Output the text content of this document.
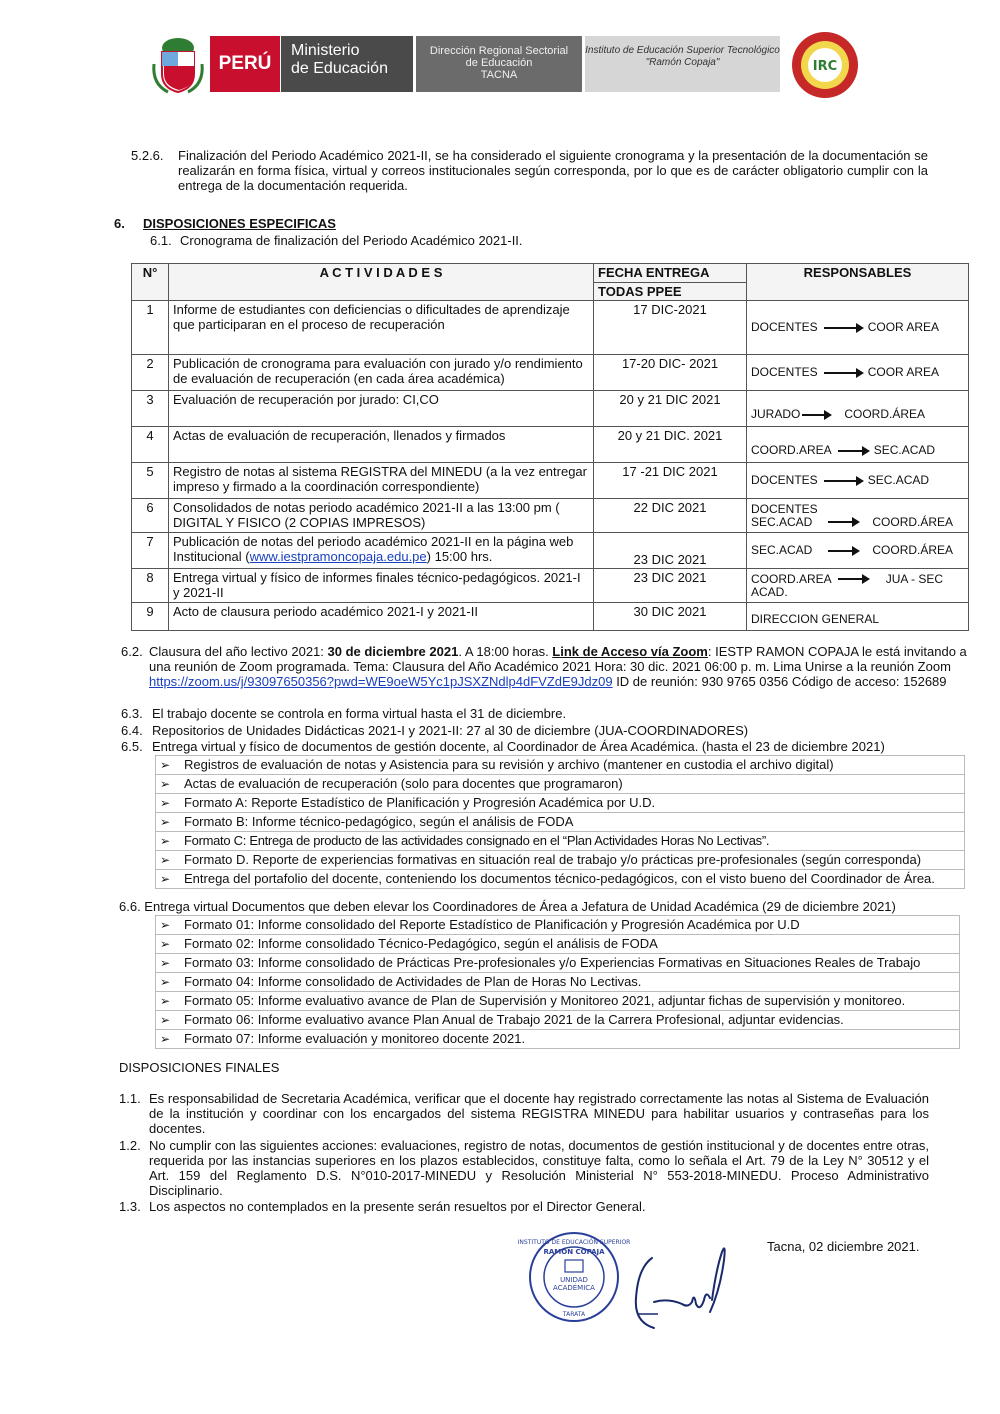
PERÚ
Ministerio
de Educación
Dirección Regional Sectorial
de Educación
TACNA
Instituto de Educación Superior Tecnológico
"Ramón Copaja"	IRC
5.2.6. Finalización del Periodo Académico 2021-II, se ha considerado el siguiente cronograma y la presentación de la documentación se realizarán en forma física, virtual y correos institucionales según corresponda, por lo que es de carácter obligatorio cumplir con la entrega de la documentación requerida.
6. DISPOSICIONES ESPECIFICAS
6.1. Cronograma de finalización del Periodo Académico 2021-II.
N°	A C T I V I D A D E S	FECHA ENTREGA	RESPONSABLES
		TODAS PPEE	
1	Informe de estudiantes con deficiencias o dificultades de aprendizaje que participaran en el proceso de recuperación	17 DIC-2021	DOCENTES COOR AREA

2	Publicación de cronograma para evaluación con jurado y/o rendimiento de evaluación de recuperación (en cada área académica)	17-20 DIC- 2021	DOCENTES COOR AREA

3	Evaluación de recuperación por jurado: CI,CO	20 y 21 DIC 2021	JURADO COORD.ÁREA

4	Actas de evaluación de recuperación, llenados y firmados	20 y 21 DIC. 2021	COORD.AREA SEC.ACAD

5	Registro de notas al sistema REGISTRA del MINEDU (a la vez entregar impreso y firmado a la coordinación correspondiente)	17 -21 DIC 2021	DOCENTES SEC.ACAD

6	Consolidados de notas periodo académico 2021-II a las 13:00 pm ( DIGITAL Y FISICO (2 COPIAS IMPRESOS)	22 DIC 2021	DOCENTES
SEC.ACAD COORD.ÁREA

7	Publicación de notas del periodo académico 2021-II en la página web Institucional (www.iestpramoncopaja.edu.pe) 15:00 hrs.	23 DIC 2021	SEC.ACAD COORD.ÁREA

8	Entrega virtual y físico de informes finales técnico-pedagógicos. 2021-I y 2021-II	23 DIC 2021	COORD.AREA JUA - SEC
ACAD.

9	Acto de clausura periodo académico 2021-I y 2021-II	30 DIC 2021	DIRECCION GENERAL
6.2. Clausura del año lectivo 2021: 30 de diciembre 2021. A 18:00 horas. Link de Acceso vía Zoom: IESTP RAMON COPAJA le está invitando a una reunión de Zoom programada. Tema: Clausura del Año Académico 2021 Hora: 30 dic. 2021 06:00 p. m. Lima Unirse a la reunión Zoom https://zoom.us/j/93097650356?pwd=WE9oeW5Yc1pJSXZNdlp4dFVZdE9Jdz09 ID de reunión: 930 9765 0356 Código de acceso: 152689
6.3. El trabajo docente se controla en forma virtual hasta el 31 de diciembre.
6.4. Repositorios de Unidades Didácticas 2021-I y 2021-II: 27 al 30 de diciembre (JUA-COORDINADORES)
6.5. Entrega virtual y físico de documentos de gestión docente, al Coordinador de Área Académica. (hasta el 23 de diciembre 2021)
➢ Registros de evaluación de notas y Asistencia para su revisión y archivo (mantener en custodia el archivo digital)
➢ Actas de evaluación de recuperación (solo para docentes que programaron)
➢ Formato A: Reporte Estadístico de Planificación y Progresión Académica por U.D.
➢ Formato B: Informe técnico-pedagógico, según el análisis de FODA
➢ Formato C: Entrega de producto de las actividades consignado en el “Plan Actividades Horas No Lectivas”.
➢ Formato D. Reporte de experiencias formativas en situación real de trabajo y/o prácticas pre-profesionales (según corresponda)
➢ Entrega del portafolio del docente, conteniendo los documentos técnico-pedagógicos, con el visto bueno del Coordinador de Área.
6.6. Entrega virtual Documentos que deben elevar los Coordinadores de Área a Jefatura de Unidad Académica (29 de diciembre 2021)
➢ Formato 01: Informe consolidado del Reporte Estadístico de Planificación y Progresión Académica por U.D
➢ Formato 02: Informe consolidado Técnico-Pedagógico, según el análisis de FODA
➢ Formato 03: Informe consolidado de Prácticas Pre-profesionales y/o Experiencias Formativas en Situaciones Reales de Trabajo
➢ Formato 04: Informe consolidado de Actividades de Plan de Horas No Lectivas.
➢ Formato 05: Informe evaluativo avance de Plan de Supervisión y Monitoreo 2021, adjuntar fichas de supervisión y monitoreo.
➢ Formato 06: Informe evaluativo avance Plan Anual de Trabajo 2021 de la Carrera Profesional, adjuntar evidencias.
➢ Formato 07: Informe evaluación y monitoreo docente 2021.
DISPOSICIONES FINALES
1.1. Es responsabilidad de Secretaria Académica, verificar que el docente hay registrado correctamente las notas al Sistema de Evaluación de la institución y coordinar con los encargados del sistema REGISTRA MINEDU para habilitar usuarios y contraseñas para los docentes.
1.2. No cumplir con las siguientes acciones: evaluaciones, registro de notas, documentos de gestión institucional y de docentes entre otras, requerida por las instancias superiores en los plazos establecidos, constituye falta, como lo señala el Art. 79 de la Ley N° 30512 y el Art. 159 del Reglamento D.S. N°010-2017-MINEDU y Resolución Ministerial N° 553-2018-MINEDU. Proceso Administrativo Disciplinario.
1.3. Los aspectos no contemplados en la presente serán resueltos por el Director General.
Tacna, 02 diciembre 2021.
INSTITUTO DE EDUCACIÓN SUPERIOR
RAMON COPAJA
UNIDAD
ACADÉMICA
TARATA
